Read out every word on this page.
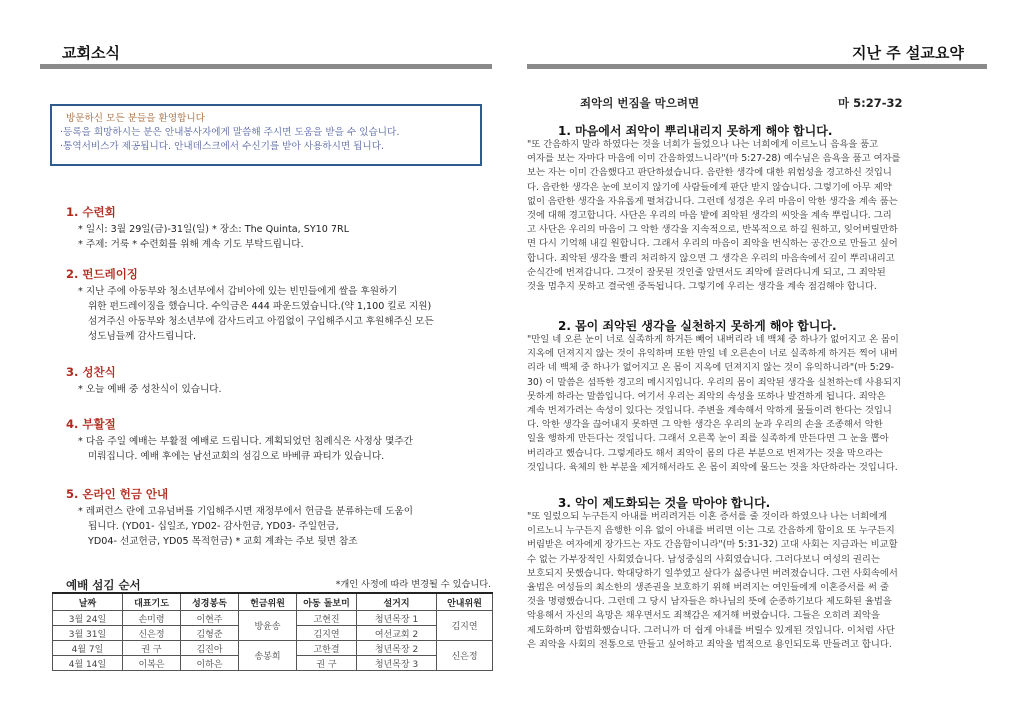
교회소식
방문하신 모든 분들을 환영합니다
·등록을 희망하시는 분은 안내봉사자에게 말씀해 주시면 도움을 받을 수 있습니다.
·통역서비스가 제공됩니다. 안내데스크에서 수신기를 받아 사용하시면 됩니다.
1. 수련회
* 일시: 3월 29일(금)-31일(일) * 장소: The Quinta, SY10 7RL
* 주제: 거룩 * 수련회를 위해 계속 기도 부탁드립니다.
2. 펀드레이징
* 지난 주에 아동부와 청소년부에서 갑비아에 있는 빈민들에게 쌀을 후원하기
위한 펀드레이징을 했습니다. 수익금은 444 파운드였습니다.(약 1,100 킬로 지원)
섬겨주신 아동부와 청소년부에 감사드리고 아낌없이 구입해주시고 후원해주신 모든
성도님들께 감사드립니다.
3. 성찬식
* 오늘 예배 중 성찬식이 있습니다.
4. 부활절
* 다음 주일 예배는 부활절 예배로 드립니다. 계획되었던 침례식은 사정상 몇주간
미뤄집니다. 예배 후에는 남선교회의 섬김으로 바베큐 파티가 있습니다.
5. 온라인 헌금 안내
* 레퍼런스 란에 고유넘버를 기입해주시면 재정부에서 헌금을 분류하는데 도움이
됩니다. (YD01- 십일조, YD02- 감사헌금, YD03- 주일헌금,
YD04- 선교헌금, YD05 목적헌금) * 교회 계좌는 주보 뒷면 참조
예배 섬김 순서	*개인 사정에 따라 변경될 수 있습니다.
날짜	대표기도	성경봉독	헌금위원	아동 돌보미	설거지	안내위원
3월 24일	손미령	이현주	방윤송	고현진	청년목장 1	김지연
3월 31일	신은정	김형준		김지연	여선교회 2	
4월 7일	권 구	김진아	송봉희	고한결	청년목장 2	신은정
4월 14일	이복은	이하은		권 구	청년목장 3	
지난 주 설교요약
죄악의 번짐을 막으려면	마 5:27-32
1. 마음에서 죄악이 뿌리내리지 못하게 해야 합니다.
"또 간음하지 말라 하였다는 것을 너희가 들었으나 나는 너희에게 이르노니 음욕을 품고
여자를 보는 자마다 마음에 이미 간음하였느니라"(마 5:27-28) 예수님은 음욕을 품고 여자를
보는 자는 이미 간음했다고 판단하셨습니다. 음란한 생각에 대한 위험성을 경고하신 것입니
다. 음란한 생각은 눈에 보이지 않기에 사람들에게 판단 받지 않습니다. 그렇기에 아무 제약
없이 음란한 생각을 자유롭게 펼쳐갑니다. 그런데 성경은 우리 마음이 악한 생각을 계속 품는
것에 대해 경고합니다. 사단은 우리의 마음 밭에 죄악된 생각의 씨앗을 계속 뿌립니다. 그리
고 사단은 우리의 마음이 그 악한 생각을 지속적으로, 반복적으로 하길 원하고, 잊어버릴만하
면 다시 기억해 내길 원합니다. 그래서 우리의 마음이 죄악을 번식하는 공간으로 만들고 싶어
합니다. 죄악된 생각을 빨리 처리하지 않으면 그 생각은 우리의 마음속에서 깊이 뿌리내리고
순식간에 번져갑니다. 그것이 잘못된 것인줄 알면서도 죄악에 끌려다니게 되고, 그 죄악된
것을 멈추지 못하고 결국엔 중독됩니다. 그렇기에 우리는 생각을 계속 점검해야 합니다.
2. 몸이 죄악된 생각을 실천하지 못하게 해야 합니다.
"만일 네 오른 눈이 너로 실족하게 하거든 빼어 내버리라 네 백체 중 하나가 없어지고 온 몸이
지옥에 던져지지 않는 것이 유익하며 또한 만일 네 오른손이 너로 실족하게 하거든 찍어 내버
리라 네 백체 중 하나가 없어지고 온 몸이 지옥에 던져지지 않는 것이 유익하니라"(마 5:29-
30) 이 말씀은 섬뜩한 경고의 메시지입니다. 우리의 몸이 죄악된 생각을 실천하는데 사용되지
못하게 하라는 말씀입니다. 여기서 우리는 죄악의 속성을 또하나 발견하게 됩니다. 죄악은
계속 번져가려는 속성이 있다는 것입니다. 주변을 계속해서 악하게 물들이려 한다는 것입니
다. 악한 생각을 끊어내지 못하면 그 악한 생각은 우리의 눈과 우리의 손을 조종해서 악한
일을 행하게 만든다는 것입니다. 그래서 오른쪽 눈이 죄를 실족하게 만든다면 그 눈을 뽑아
버리라고 했습니다. 그렇게라도 해서 죄악이 몸의 다른 부분으로 번져가는 것을 막으라는
것입니다. 육체의 한 부분을 제거해서라도 온 몸이 죄악에 물드는 것을 차단하라는 것입니다.
3. 악이 제도화되는 것을 막아야 합니다.
"또 일렀으되 누구든지 아내를 버리려거든 이혼 증서를 줄 것이라 하였으나 나는 너희에게
이르노니 누구든지 음행한 이유 없이 아내를 버리면 이는 그로 간음하게 함이요 또 누구든지
버림받은 여자에게 장가드는 자도 간음함이니라"(마 5:31-32) 고대 사회는 지금과는 비교할
수 없는 가부장적인 사회였습니다. 남성중심의 사회였습니다. 그러다보니 여성의 권리는
보호되지 못했습니다. 학대당하기 일쑤였고 살다가 싫증나면 버려졌습니다. 그런 사회속에서
율법은 여성들의 최소한의 생존권을 보호하기 위해 버려지는 여인들에게 이혼증서를 써 줄
것을 명령했습니다. 그런데 그 당시 남자들은 하나님의 뜻에 순종하기보다 제도화된 율법을
악용해서 자신의 욕망은 채우면서도 죄책감은 제거해 버렸습니다. 그들은 오히려 죄악을
제도화하며 합법화했습니다. 그러니까 더 쉽게 아내를 버릴수 있게된 것입니다. 이처럼 사단
은 죄악을 사회의 전통으로 만들고 싶어하고 죄악을 법적으로 용인되도록 만들려고 합니다.
